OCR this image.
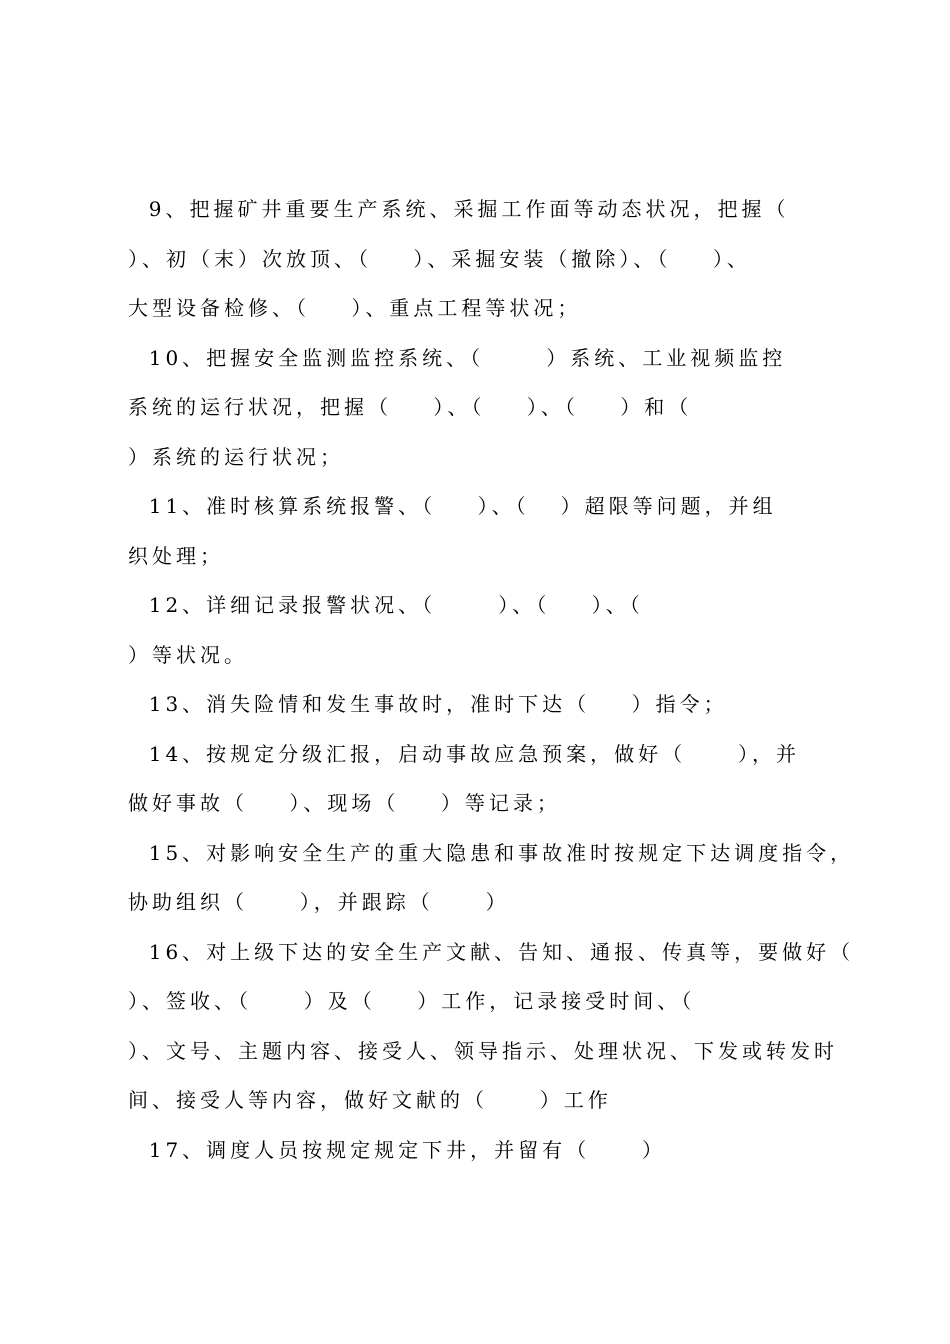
9、把握矿井重要生产系统、采掘工作面等动态状况，把握（
）、初（末）次放顶、（    ）、采掘安装（撤除）、（    ）、
大型设备检修、（    ）、重点工程等状况；
10、把握安全监测监控系统、（      ）系统、工业视频监控
系统的运行状况，把握（    ）、（    ）、（    ）和（
）系统的运行状况；
11、准时核算系统报警、（    ）、（   ）超限等问题，并组
织处理；
12、详细记录报警状况、（      ）、（    ）、（
）等状况。
13、消失险情和发生事故时，准时下达（    ）指令；
14、按规定分级汇报，启动事故应急预案，做好（     ），并
做好事故（    ）、现场（    ）等记录；
15、对影响安全生产的重大隐患和事故准时按规定下达调度指令，
协助组织（     ），并跟踪（     ）
16、对上级下达的安全生产文献、告知、通报、传真等，要做好（
）、签收、（     ）及（    ）工作，记录接受时间、（
）、文号、主题内容、接受人、领导指示、处理状况、下发或转发时
间、接受人等内容，做好文献的（     ）工作
17、调度人员按规定规定下井，并留有（     ）
